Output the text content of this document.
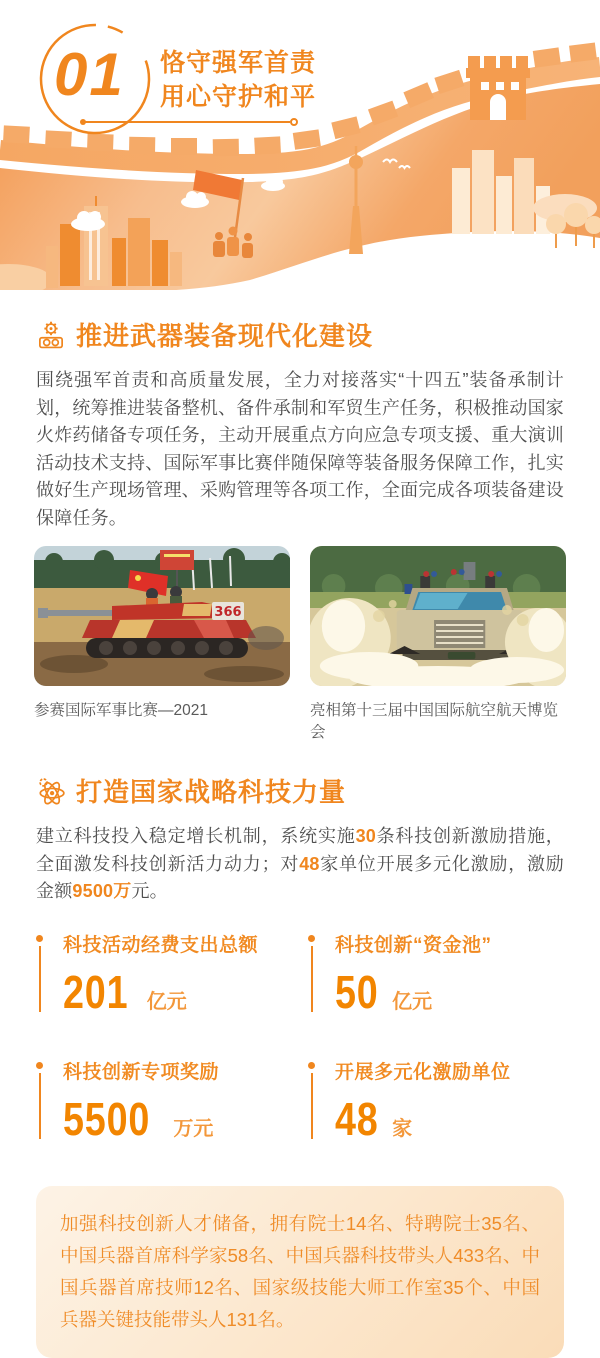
01 恪守强军首责
用心守护和平
推进武器装备现代化建设

围绕强军首责和高质量发展，全力对接落实“十四五”装备承制计划，统筹推进装备整机、备件承制和军贸生产任务，积极推动国家火炸药储备专项任务，主动开展重点方向应急专项支援、重大演训活动技术支持、国际军事比赛伴随保障等装备服务保障工作，扎实做好生产现场管理、采购管理等各项工作，全面完成各项装备建设保障任务。

366
参赛国际军事比赛—2021	亮相第十三届中国国际航空航天博览会
打造国家战略科技力量

建立科技投入稳定增长机制，系统实施30条科技创新激励措施，全面激发科技创新活力动力；对48家单位开展多元化激励，激励金额9500万元。

科技活动经费支出总额
201 亿元
科技创新“资金池”
50 亿元
科技创新专项奖励
5500 万元
开展多元化激励单位
48 家
加强科技创新人才储备，拥有院士14名、特聘院士35名、中国兵器首席科学家58名、中国兵器科技带头人433名、中国兵器首席技师12名、国家级技能大师工作室35个、中国兵器关键技能带头人131名。
